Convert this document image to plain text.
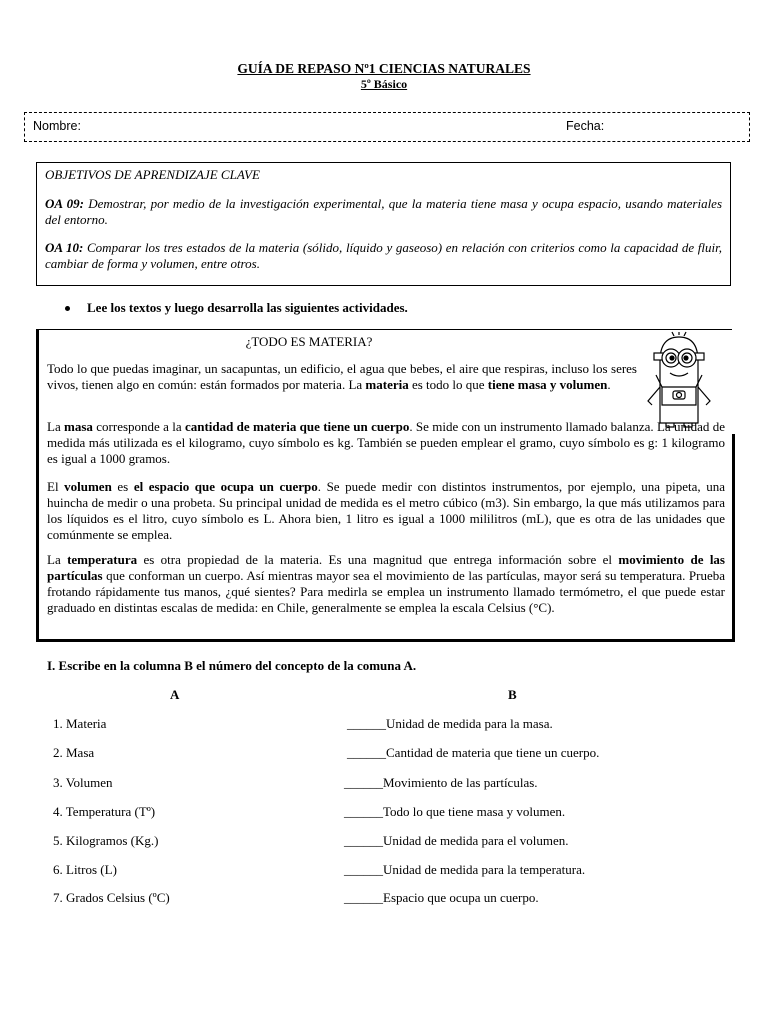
GUÍA DE REPASO Nº1 CIENCIAS NATURALES
5º Básico
Nombre:	Fecha:

OBJETIVOS DE APRENDIZAJE CLAVE

OA 09: Demostrar, por medio de la investigación experimental, que la materia tiene masa y ocupa espacio, usando materiales del entorno.

OA 10: Comparar los tres estados de la materia (sólido, líquido y gaseoso) en relación con criterios como la capacidad de fluir, cambiar de forma y volumen, entre otros.

Lee los textos y luego desarrolla las siguientes actividades.
¿TODO ES MATERIA?
Todo lo que puedas imaginar, un sacapuntas, un edificio, el agua que bebes, el aire que respiras, incluso los seres vivos, tienen algo en común: están formados por materia. La materia es todo lo que tiene masa y volumen.
La masa corresponde a la cantidad de materia que tiene un cuerpo. Se mide con un instrumento llamado balanza. La unidad de medida más utilizada es el kilogramo, cuyo símbolo es kg. También se pueden emplear el gramo, cuyo símbolo es g: 1 kilogramo es igual a 1000 gramos.
El volumen es el espacio que ocupa un cuerpo. Se puede medir con distintos instrumentos, por ejemplo, una pipeta, una huincha de medir o una probeta. Su principal unidad de medida es el metro cúbico (m3). Sin embargo, la que más utilizamos para los líquidos es el litro, cuyo símbolo es L. Ahora bien, 1 litro es igual a 1000 mililitros (mL), que es otra de las unidades que comúnmente se emplea.
La temperatura es otra propiedad de la materia. Es una magnitud que entrega información sobre el movimiento de las partículas que conforman un cuerpo. Así mientras mayor sea el movimiento de las partículas, mayor será su temperatura. Prueba frotando rápidamente tus manos, ¿qué sientes? Para medirla se emplea un instrumento llamado termómetro, el que puede estar graduado en distintas escalas de medida: en Chile, generalmente se emplea la escala Celsius (°C).
I. Escribe en la columna B el número del concepto de la comuna A.
A	B
1. Materia
2. Masa
3. Volumen
4. Temperatura (Tº)
5. Kilogramos (Kg.)
6. Litros (L)
7. Grados Celsius (ºC)
______Unidad de medida para la masa.
______Cantidad de materia que tiene un cuerpo.
______Movimiento de las partículas.
______Todo lo que tiene masa y volumen.
______Unidad de medida para el volumen.
______Unidad de medida para la temperatura.
______Espacio que ocupa un cuerpo.
